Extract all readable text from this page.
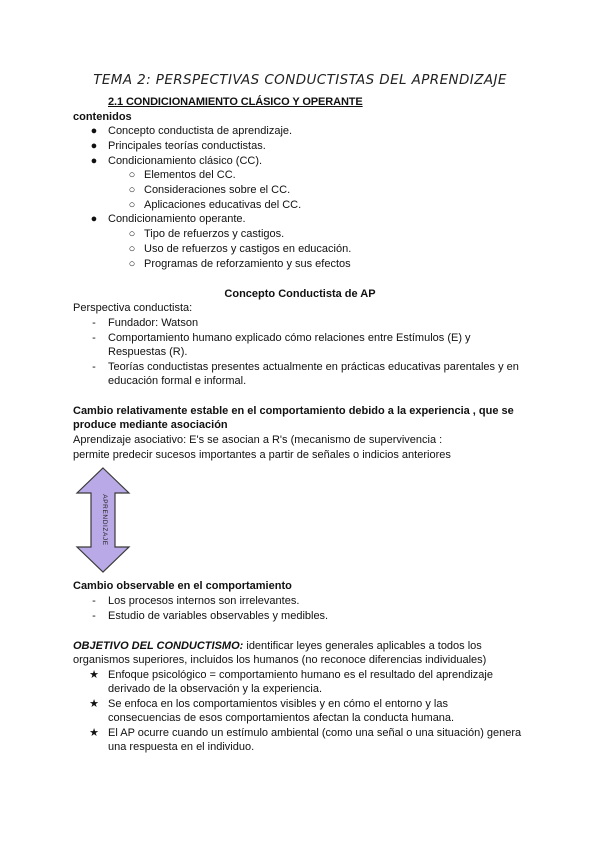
TEMA 2: PERSPECTIVAS CONDUCTISTAS DEL APRENDIZAJE
2.1 CONDICIONAMIENTO CLÁSICO Y OPERANTE
contenidos
● Concepto conductista de aprendizaje.
● Principales teorías conductistas.
● Condicionamiento clásico (CC).
○ Elementos del CC.
○ Consideraciones sobre el CC.
○ Aplicaciones educativas del CC.
● Condicionamiento operante.
○ Tipo de refuerzos y castigos.
○ Uso de refuerzos y castigos en educación.
○ Programas de reforzamiento y sus efectos
Concepto Conductista de AP
Perspectiva conductista:
-	Fundador: Watson
-	Comportamiento humano explicado cómo relaciones entre Estímulos (E) y
Respuestas (R).
-	Teorías conductistas presentes actualmente en prácticas educativas parentales y en
educación formal e informal.
Cambio relativamente estable en el comportamiento debido a la experiencia , que se
produce mediante asociación
Aprendizaje asociativo: E's se asocian a R's (mecanismo de supervivencia :
permite predecir sucesos importantes a partir de señales o indicios anteriores
APRENDIZAJE
Cambio observable en el comportamiento
-	Los procesos internos son irrelevantes.
-	Estudio de variables observables y medibles.
OBJETIVO DEL CONDUCTISMO: identificar leyes generales aplicables a todos los
organismos superiores, incluidos los humanos (no reconoce diferencias individuales)
★ Enfoque psicológico = comportamiento humano es el resultado del aprendizaje
derivado de la observación y la experiencia.
★ Se enfoca en los comportamientos visibles y en cómo el entorno y las
consecuencias de esos comportamientos afectan la conducta humana.
★ El AP ocurre cuando un estímulo ambiental (como una señal o una situación) genera
una respuesta en el individuo.
